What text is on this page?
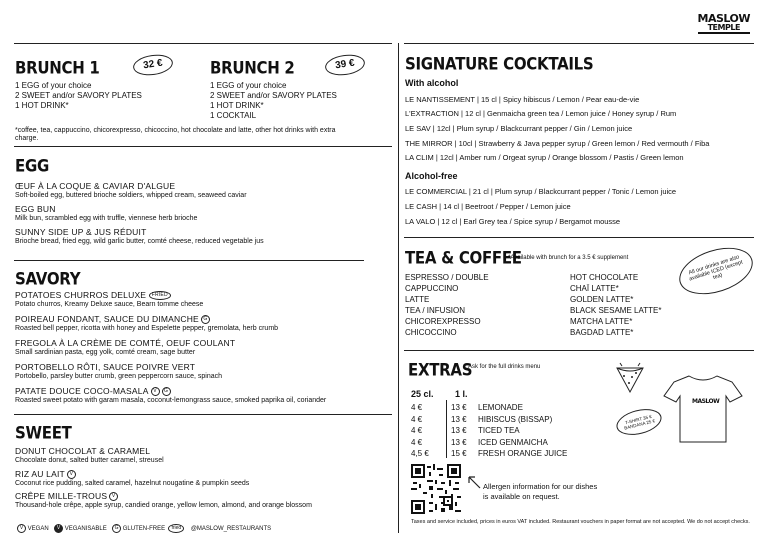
MASLOW
TEMPLE
BRUNCH 1	32 €
1 EGG of your choice
2 SWEET and/or SAVORY PLATES
1 HOT DRINK*
BRUNCH 2	39 €
1 EGG of your choice
2 SWEET and/or SAVORY PLATES
1 HOT DRINK*
1 COCKTAIL
*coffee, tea, cappuccino, chicorexpresso, chicoccino, hot chocolate and latte, other hot drinks with extra charge.
EGG
ŒUF À LA COQUE & CAVIAR D'ALGUE
Soft-boiled egg, buttered brioche soldiers, whipped cream, seaweed caviar
EGG BUN
Milk bun, scrambled egg with truffle, viennese herb brioche
SUNNY SIDE UP & JUS RÉDUIT
Brioche bread, fried egg, wild garlic butter, comté cheese, reduced vegetable jus
SAVORY
POTATOES CHURROS DELUXE FRIED
Potato churros, Kreamy Deluxe sauce, Bearn tomme cheese
POIREAU FONDANT, SAUCE DU DIMANCHE G
Roasted bell pepper, ricotta with honey and Espelette pepper, gremolata, herb crumb
FREGOLA À LA CRÈME DE COMTÉ, OEUF COULANT
Small sardinian pasta, egg yolk, comté cream, sage butter
PORTOBELLO RÔTI, SAUCE POIVRE VERT
Portobello, parsley butter crumb, green peppercorn sauce, spinach
PATATE DOUCE COCO-MASALA V G
Roasted sweet potato with garam masala, coconut-lemongrass sauce, smoked paprika oil, coriander
SWEET
DONUT CHOCOLAT & CARAMEL
Chocolate donut, salted butter caramel, streusel
RIZ AU LAIT V
Coconut rice pudding, salted caramel, hazelnut nougatine & pumpkin seeds
CRÊPE MILLE-TROUS V
Thousand-hole crêpe, apple syrup, candied orange, yellow lemon, almond, and orange blossom
V VEGAN V VEGANISABLE G GLUTEN-FREE fried @MASLOW_RESTAURANTS
SIGNATURE COCKTAILS
With alcohol
LE NANTISSEMENT | 15 cl | Spicy hibiscus / Lemon / Pear eau-de-vie
L'EXTRACTION | 12 cl | Genmaicha green tea / Lemon juice / Honey syrup / Rum
LE SAV | 12cl | Plum syrup / Blackcurrant pepper / Gin / Lemon juice
THE MIRROR | 10cl | Strawberry & Java pepper syrup / Green lemon / Red vermouth / Fiba
LA CLIM | 12cl | Amber rum / Orgeat syrup / Orange blossom / Pastis / Green lemon
Alcohol-free
LE COMMERCIAL | 21 cl | Plum syrup / Blackcurrant pepper / Tonic / Lemon juice
LE CASH | 14 cl | Beetroot / Pepper / Lemon juice
LA VALO | 12 cl | Earl Grey tea / Spice syrup / Bergamot mousse
TEA & COFFEE
*Available with brunch for a 3.5 € supplement
ESPRESSO / DOUBLE
CAPPUCCINO
LATTE
TEA / INFUSION
CHICOREXPRESSO
CHICOCCINO
HOT CHOCOLATE
CHAÏ LATTE*
GOLDEN LATTE*
BLACK SESAME LATTE*
MATCHA LATTE*
BAGDAD LATTE*
All our drinks are also available ICED (except tea)
EXTRAS
Ask for the full drinks menu
25 cl. 1 l.
4 €	13 €	LEMONADE
4 €	13 €	HIBISCUS (BISSAP)
4 €	13 €	TICED TEA
4 €	13 €	ICED GENMAICHA
4,5 €	15 €	FRESH ORANGE JUICE
MASLOW
T-SHIRT 35 € BANDANA 25 €
Allergen information for our dishes is available on request.
Taxes and service included, prices in euros VAT included. Restaurant vouchers in paper format are not accepted. We do not accept checks.
